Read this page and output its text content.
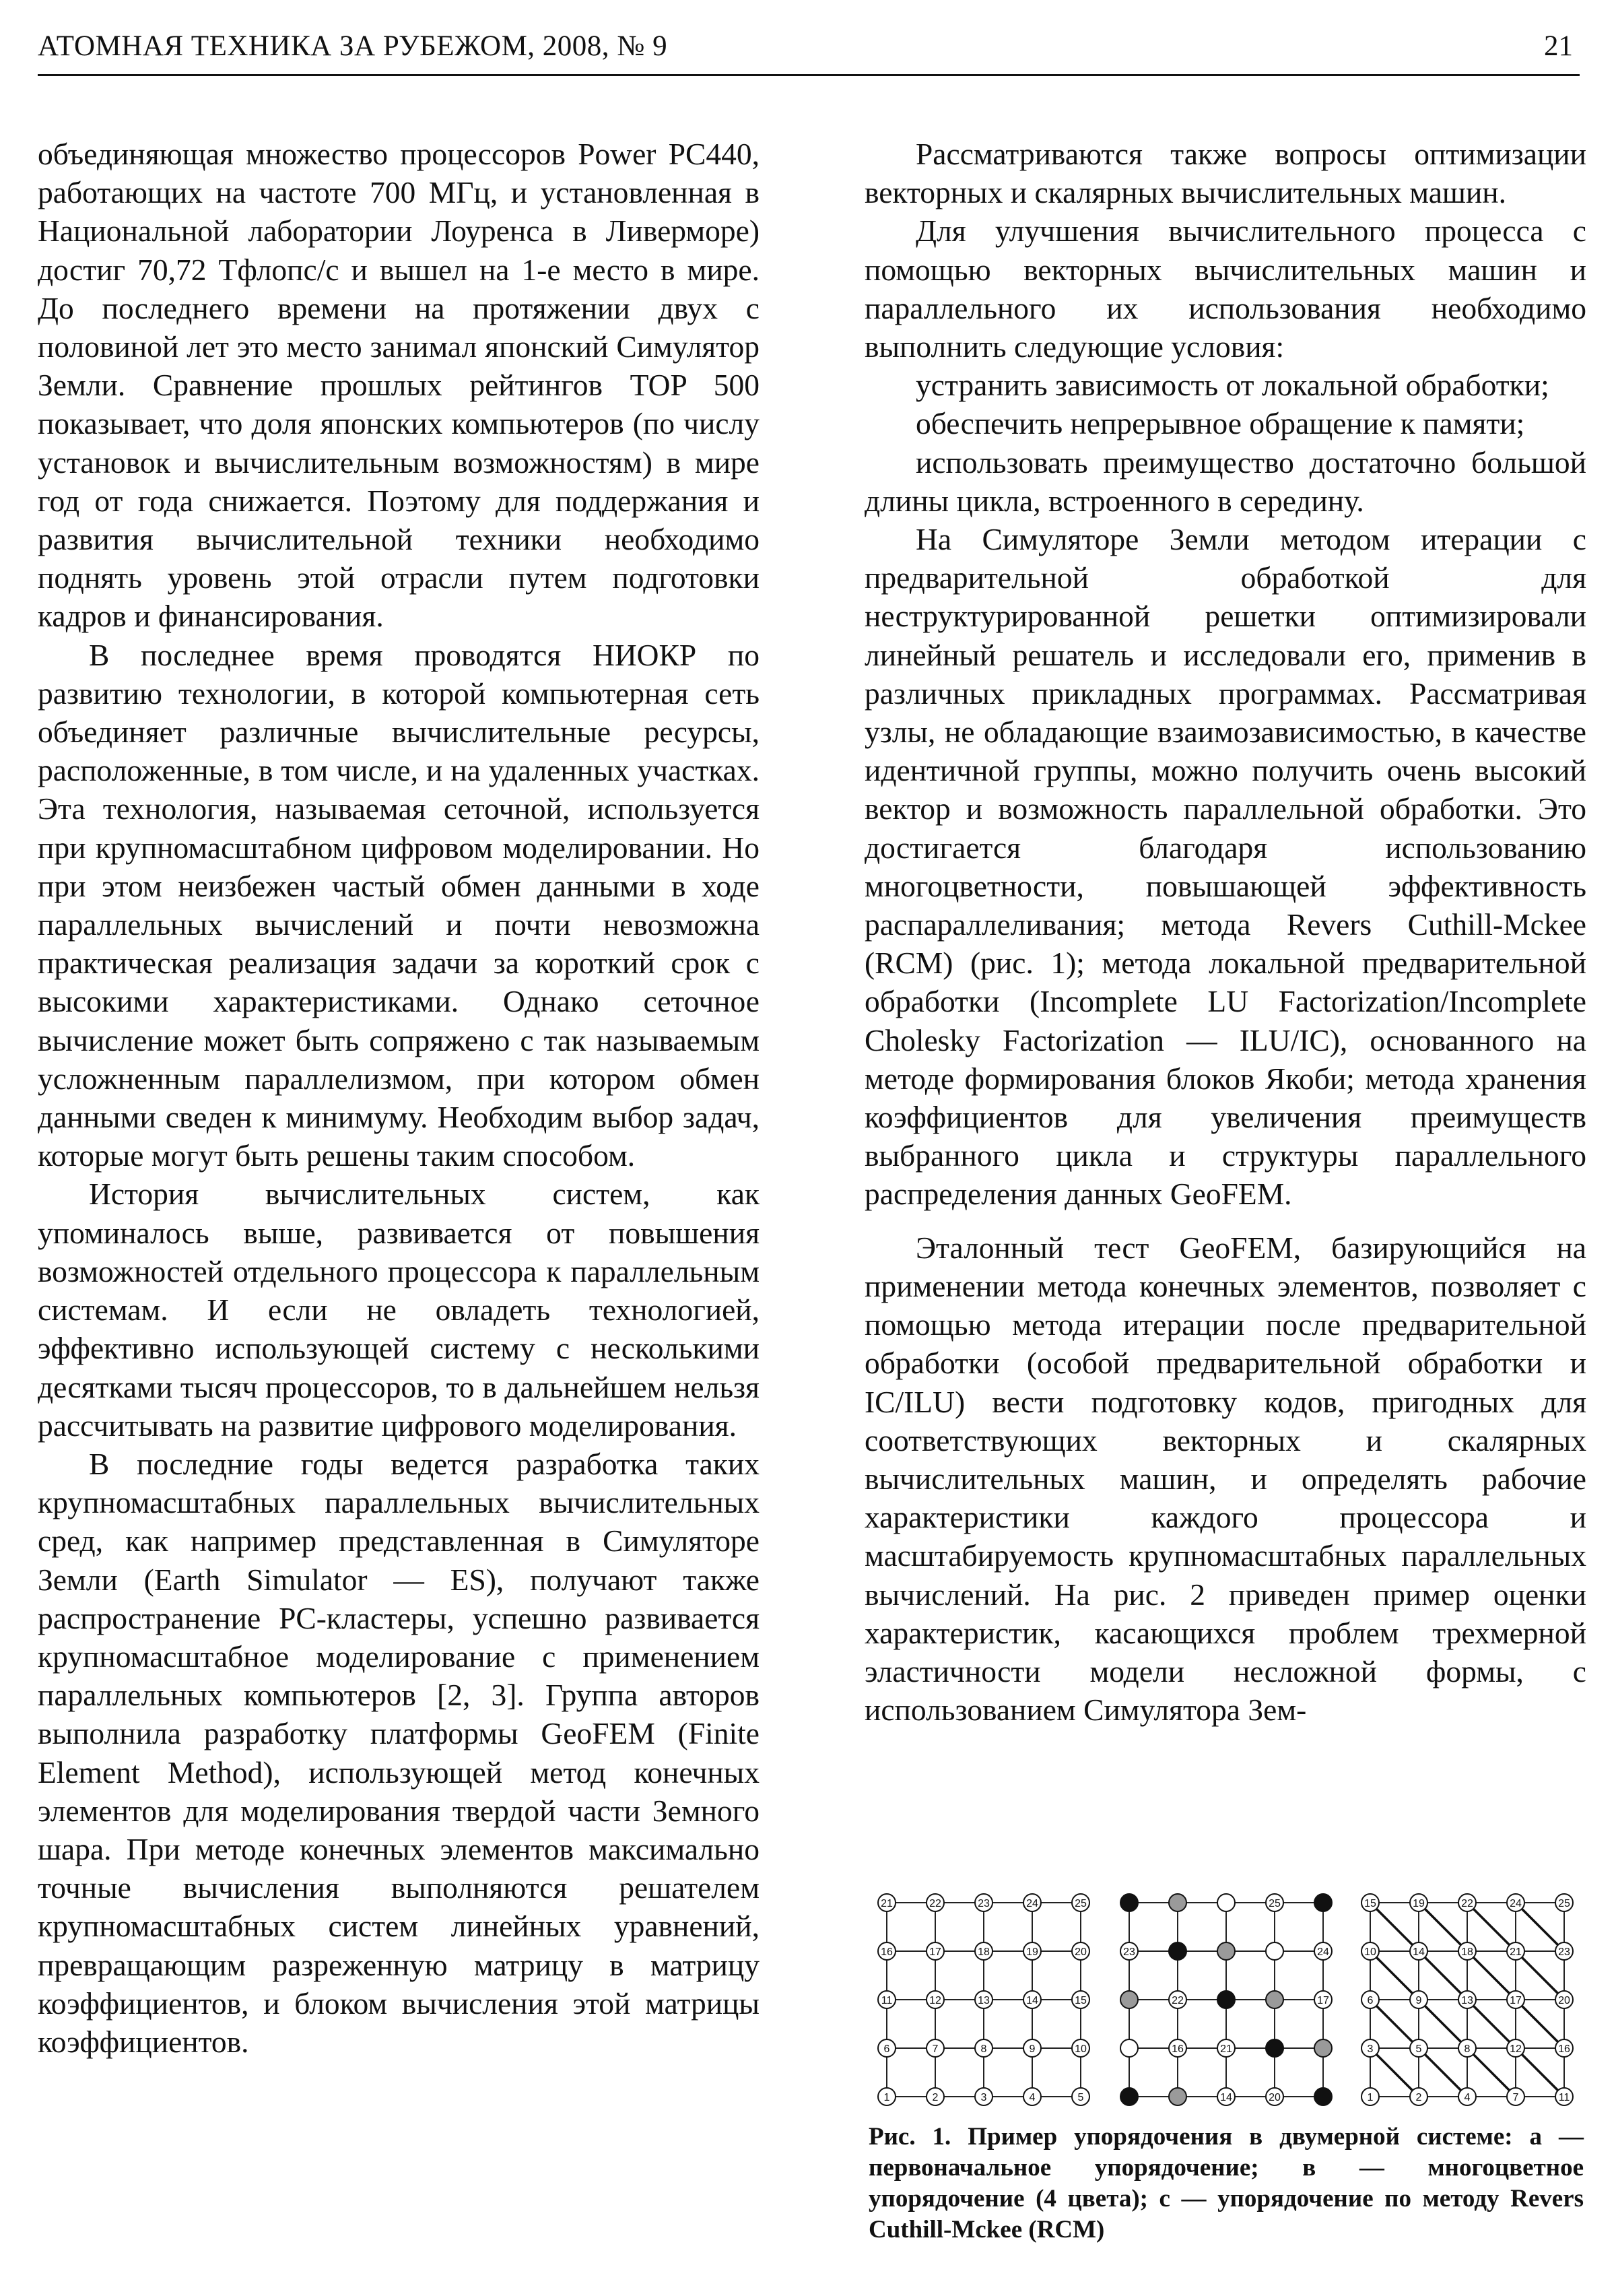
АТОМНАЯ ТЕХНИКА ЗА РУБЕЖОМ, 2008, № 9	21

объединяющая множество процессоров Power PC440, работающих на частоте 700 МГц, и установленная в Национальной лаборатории Лоуренса в Ливерморе) достиг 70,72 Тфлопс/с и вышел на 1-е место в мире. До последнего времени на протяжении двух с половиной лет это место занимал японский Симулятор Земли. Сравнение прошлых рейтингов TOP 500 показывает, что доля японских компьютеров (по числу установок и вычислительным возможностям) в мире год от года снижается. Поэтому для поддержания и развития вычислительной техники необходимо поднять уровень этой отрасли путем подготовки кадров и финансирования.

В последнее время проводятся НИОКР по развитию технологии, в которой компьютерная сеть объединяет различные вычислительные ресурсы, расположенные, в том числе, и на удаленных участках. Эта технология, называемая сеточной, используется при крупномасштабном цифровом моделировании. Но при этом неизбежен частый обмен данными в ходе параллельных вычислений и почти невозможна практическая реализация задачи за короткий срок с высокими характеристиками. Однако сеточное вычисление может быть сопряжено с так называемым усложненным параллелизмом, при котором обмен данными сведен к минимуму. Необходим выбор задач, которые могут быть решены таким способом.

История вычислительных систем, как упоминалось выше, развивается от повышения возможностей отдельного процессора к параллельным системам. И если не овладеть технологией, эффективно использующей систему с несколькими десятками тысяч процессоров, то в дальнейшем нельзя рассчитывать на развитие цифрового моделирования.

В последние годы ведется разработка таких крупномасштабных параллельных вычислительных сред, как например представленная в Симуляторе Земли (Earth Simulator — ES), получают также распространение PC-кластеры, успешно развивается крупномасштабное моделирование с применением параллельных компьютеров [2, 3]. Группа авторов выполнила разработку платформы GeoFEM (Finite Element Method), использующей метод конечных элементов для моделирования твердой части Земного шара. При методе конечных элементов максимально точные вычисления выполняются решателем крупномасштабных систем линейных уравнений, превращающим разреженную матрицу в матрицу коэффициентов, и блоком вычисления этой матрицы коэффициентов.

Рассматриваются также вопросы оптимизации векторных и скалярных вычислительных машин.

Для улучшения вычислительного процесса с помощью векторных вычислительных машин и параллельного их использования необходимо выполнить следующие условия:

устранить зависимость от локальной обработки;

обеспечить непрерывное обращение к памяти;

использовать преимущество достаточно большой длины цикла, встроенного в середину.

На Симуляторе Земли методом итерации с предварительной обработкой для неструктурированной решетки оптимизировали линейный решатель и исследовали его, применив в различных прикладных программах. Рассматривая узлы, не обладающие взаимозависимостью, в качестве идентичной группы, можно получить очень высокий вектор и возможность параллельной обработки. Это достигается благодаря использованию многоцветности, повышающей эффективность распараллеливания; метода Revers Cuthill-Mckee (RCM) (рис. 1); метода локальной предварительной обработки (Incomplete LU Factorization/Incomplete Cholesky Factorization — ILU/IC), основанного на методе формирования блоков Якоби; метода хранения коэффициентов для увеличения преимуществ выбранного цикла и структуры параллельного распределения данных GeoFEM.

Эталонный тест GeoFEM, базирующийся на применении метода конечных элементов, позволяет с помощью метода итерации после предварительной обработки (особой предварительной обработки и IC/ILU) вести подготовку кодов, пригодных для соответствующих векторных и скалярных вычислительных машин, и определять рабочие характеристики каждого процессора и масштабируемость крупномасштабных параллельных вычислений. На рис. 2 приведен пример оценки характеристик, касающихся проблем трехмерной эластичности модели несложной формы, с использованием Симулятора Зем-

21	22	23	24	25
16	17	18	19	20
11	12	13	14	15
6	7	8	9	10
1	2	3	4	5
25
23	24
22	17
16	21
14	20
15	19	22	24	25
10	14	18	21	23
6	9	13	17	20
3	5	8	12	16
1	2	4	7	11
Рис. 1. Пример упорядочения в двумерной системе: а — первоначальное упорядочение; в — многоцветное упорядочение (4 цвета); с — упорядочение по методу Revers Cuthill-Mckee (RCM)
